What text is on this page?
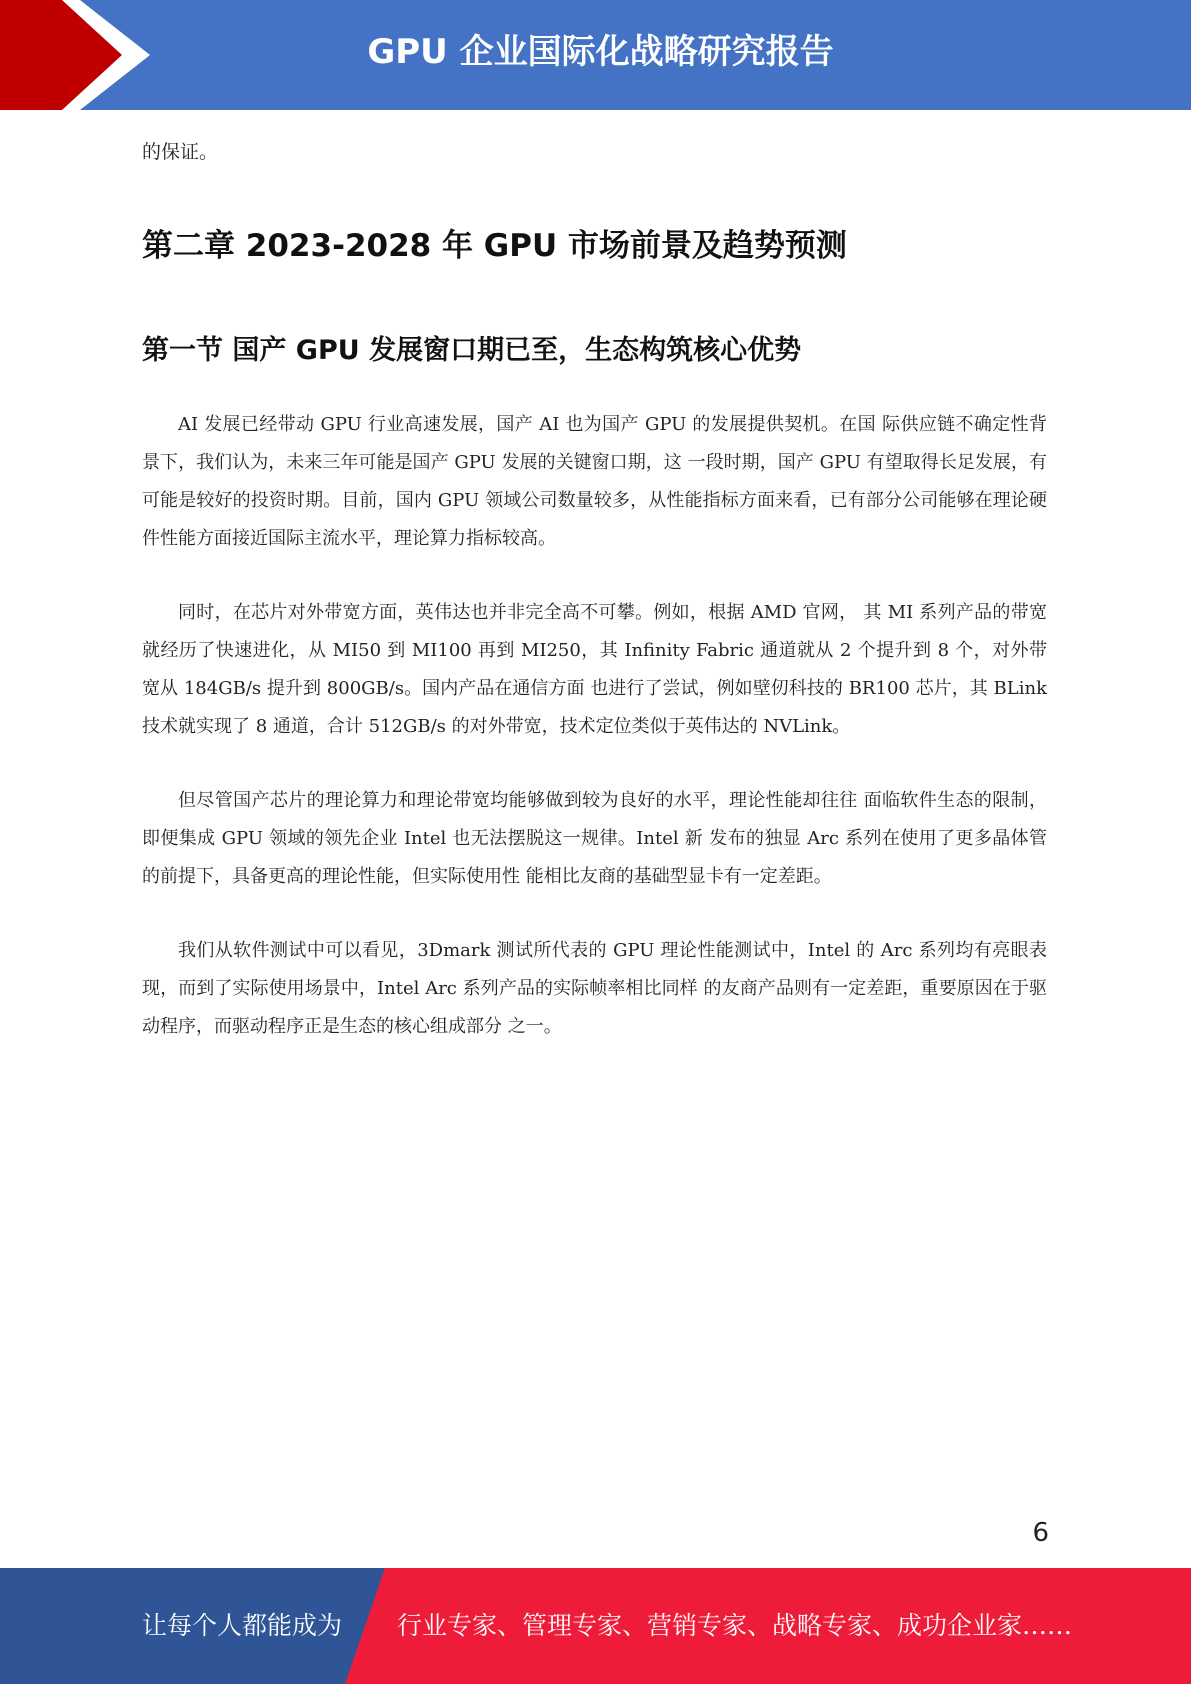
GPU 企业国际化战略研究报告

的保证。

第二章 2023-2028 年 GPU 市场前景及趋势预测
第一节 国产 GPU 发展窗口期已至，生态构筑核心优势

AI 发展已经带动 GPU 行业高速发展，国产 AI 也为国产 GPU 的发展提供契机。在国 际供应链不确定性背景下，我们认为，未来三年可能是国产 GPU 发展的关键窗口期，这 一段时期，国产 GPU 有望取得长足发展，有可能是较好的投资时期。目前，国内 GPU 领域公司数量较多，从性能指标方面来看，已有部分公司能够在理论硬 件性能方面接近国际主流水平，理论算力指标较高。

同时，在芯片对外带宽方面，英伟达也并非完全高不可攀。例如，根据 AMD 官网， 其 MI 系列产品的带宽就经历了快速进化，从 MI50 到 MI100 再到 MI250，其 Infinity Fabric 通道就从 2 个提升到 8 个，对外带宽从 184GB/s 提升到 800GB/s。国内产品在通信方面 也进行了尝试，例如壁仞科技的 BR100 芯片，其 BLink 技术就实现了 8 通道，合计 512GB/s 的对外带宽，技术定位类似于英伟达的 NVLink。

但尽管国产芯片的理论算力和理论带宽均能够做到较为良好的水平，理论性能却往往 面临软件生态的限制，即便集成 GPU 领域的领先企业 Intel 也无法摆脱这一规律。Intel 新 发布的独显 Arc 系列在使用了更多晶体管的前提下，具备更高的理论性能，但实际使用性 能相比友商的基础型显卡有一定差距。

我们从软件测试中可以看见，3Dmark 测试所代表的 GPU 理论性能测试中，Intel 的 Arc 系列均有亮眼表现，而到了实际使用场景中，Intel Arc 系列产品的实际帧率相比同样 的友商产品则有一定差距，重要原因在于驱动程序，而驱动程序正是生态的核心组成部分 之一。

6
让每个人都能成为 行业专家、管理专家、营销专家、战略专家、成功企业家……
